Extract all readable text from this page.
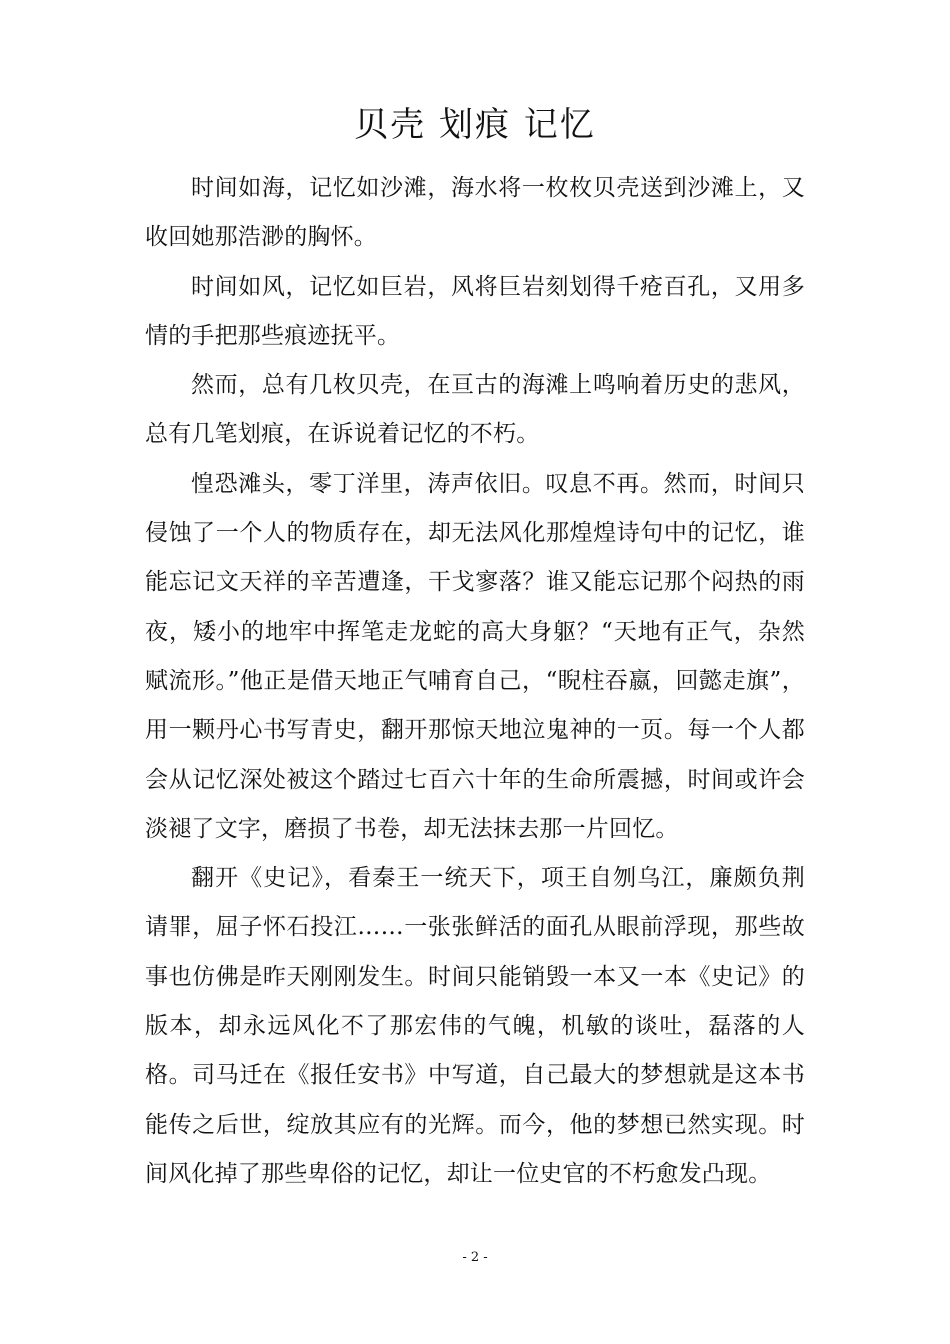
贝壳 划痕 记忆

时间如海，记忆如沙滩，海水将一枚枚贝壳送到沙滩上，又收回她那浩渺的胸怀。

时间如风，记忆如巨岩，风将巨岩刻划得千疮百孔，又用多情的手把那些痕迹抚平。

然而，总有几枚贝壳，在亘古的海滩上鸣响着历史的悲风，总有几笔划痕，在诉说着记忆的不朽。

惶恐滩头，零丁洋里，涛声依旧。叹息不再。然而，时间只侵蚀了一个人的物质存在，却无法风化那煌煌诗句中的记忆，谁能忘记文天祥的辛苦遭逢，干戈寥落？谁又能忘记那个闷热的雨夜，矮小的地牢中挥笔走龙蛇的高大身躯？“天地有正气，杂然赋流形。”他正是借天地正气哺育自己，“睨柱吞嬴，回懿走旗”，用一颗丹心书写青史，翻开那惊天地泣鬼神的一页。每一个人都会从记忆深处被这个踏过七百六十年的生命所震撼，时间或许会淡褪了文字，磨损了书卷，却无法抹去那一片回忆。

翻开《史记》，看秦王一统天下，项王自刎乌江，廉颇负荆请罪，屈子怀石投江……一张张鲜活的面孔从眼前浮现，那些故事也仿佛是昨天刚刚发生。时间只能销毁一本又一本《史记》的版本，却永远风化不了那宏伟的气魄，机敏的谈吐，磊落的人格。司马迁在《报任安书》中写道，自己最大的梦想就是这本书能传之后世，绽放其应有的光辉。而今，他的梦想已然实现。时间风化掉了那些卑俗的记忆，却让一位史官的不朽愈发凸现。

- 2 -
